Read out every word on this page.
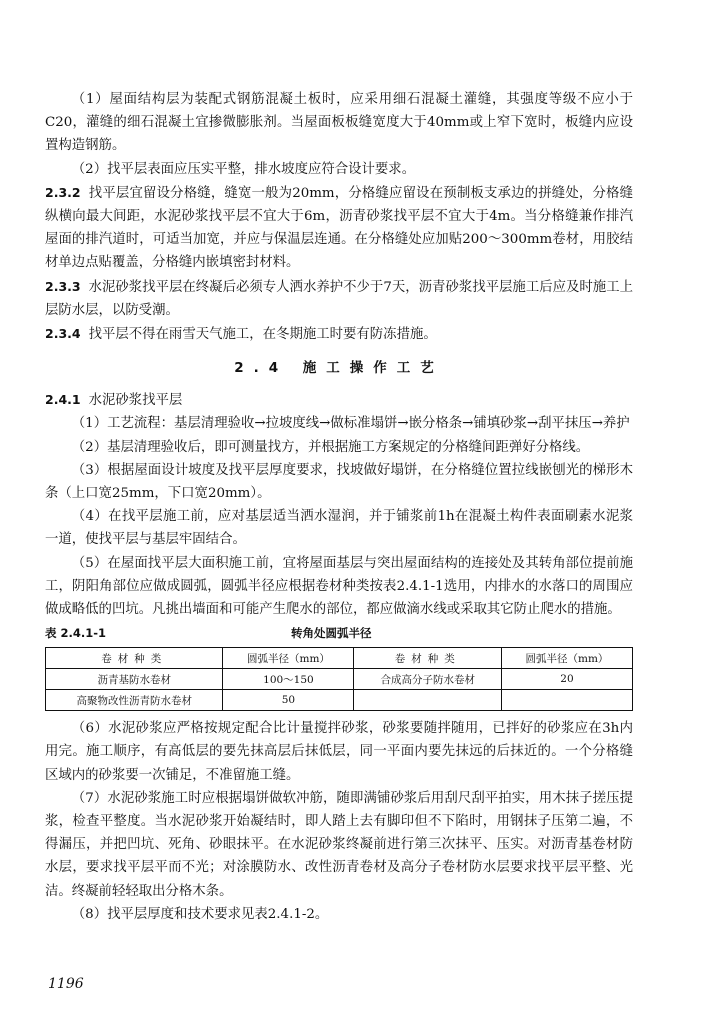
（1）屋面结构层为装配式钢筋混凝土板时，应采用细石混凝土灌缝，其强度等级不应小于C20，灌缝的细石混凝土宜掺微膨胀剂。当屋面板板缝宽度大于40mm或上窄下宽时，板缝内应设置构造钢筋。

（2）找平层表面应压实平整，排水坡度应符合设计要求。

2.3.2 找平层宜留设分格缝，缝宽一般为20mm，分格缝应留设在预制板支承边的拼缝处，分格缝纵横向最大间距，水泥砂浆找平层不宜大于6m，沥青砂浆找平层不宜大于4m。当分格缝兼作排汽屋面的排汽道时，可适当加宽，并应与保温层连通。在分格缝处应加贴200～300mm卷材，用胶结材单边点贴覆盖，分格缝内嵌填密封材料。

2.3.3 水泥砂浆找平层在终凝后必须专人洒水养护不少于7天，沥青砂浆找平层施工后应及时施工上层防水层，以防受潮。

2.3.4 找平层不得在雨雪天气施工，在冬期施工时要有防冻措施。

2.4 施工操作工艺

2.4.1 水泥砂浆找平层

（1）工艺流程：基层清理验收→拉坡度线→做标准塌饼→嵌分格条→铺填砂浆→刮平抹压→养护

（2）基层清理验收后，即可测量找方，并根据施工方案规定的分格缝间距弹好分格线。

（3）根据屋面设计坡度及找平层厚度要求，找坡做好塌饼，在分格缝位置拉线嵌刨光的梯形木条（上口宽25mm，下口宽20mm）。

（4）在找平层施工前，应对基层适当洒水湿润，并于铺浆前1h在混凝土构件表面刷素水泥浆一道，使找平层与基层牢固结合。

（5）在屋面找平层大面积施工前，宜将屋面基层与突出屋面结构的连接处及其转角部位提前施工，阴阳角部位应做成圆弧，圆弧半径应根据卷材种类按表2.4.1-1选用，内排水的水落口的周围应做成略低的凹坑。凡挑出墙面和可能产生爬水的部位，都应做滴水线或采取其它防止爬水的措施。

表 2.4.1-1	转角处圆弧半径
卷材种类	圆弧半径（mm）	卷材种类	圆弧半径（mm）
沥青基防水卷材	100～150	合成高分子防水卷材	20
高聚物改性沥青防水卷材	50		

（6）水泥砂浆应严格按规定配合比计量搅拌砂浆，砂浆要随拌随用，已拌好的砂浆应在3h内用完。施工顺序，有高低层的要先抹高层后抹低层，同一平面内要先抹远的后抹近的。一个分格缝区域内的砂浆要一次铺足，不准留施工缝。

（7）水泥砂浆施工时应根据塌饼做软冲筋，随即满铺砂浆后用刮尺刮平拍实，用木抹子搓压提浆，检查平整度。当水泥砂浆开始凝结时，即人踏上去有脚印但不下陷时，用钢抹子压第二遍，不得漏压，并把凹坑、死角、砂眼抹平。在水泥砂浆终凝前进行第三次抹平、压实。对沥青基卷材防水层，要求找平层平而不光；对涂膜防水、改性沥青卷材及高分子卷材防水层要求找平层平整、光洁。终凝前轻轻取出分格木条。

（8）找平层厚度和技术要求见表2.4.1-2。

1196
